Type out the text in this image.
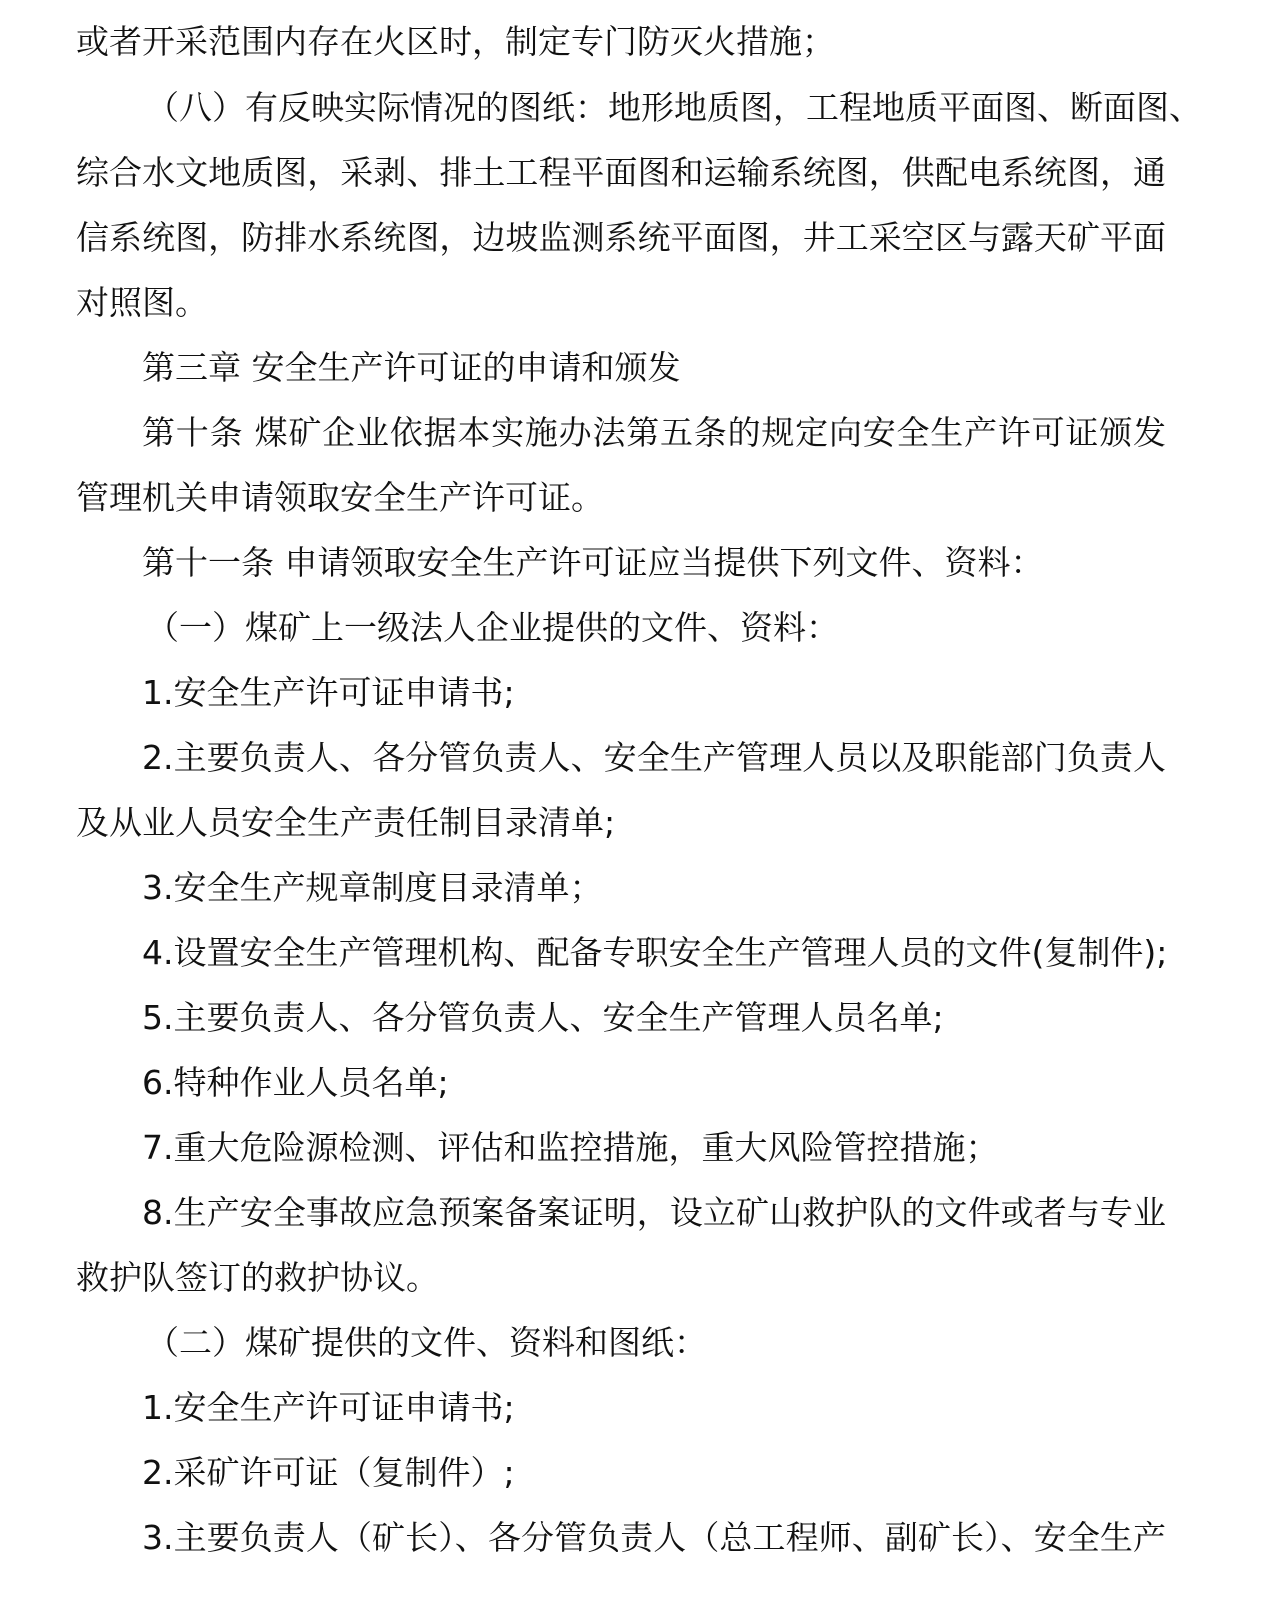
或者开采范围内存在火区时，制定专门防灭火措施；
（八）有反映实际情况的图纸：地形地质图，工程地质平面图、断面图、
综合水文地质图，采剥、排土工程平面图和运输系统图，供配电系统图，通
信系统图，防排水系统图，边坡监测系统平面图，井工采空区与露天矿平面
对照图。
第三章 安全生产许可证的申请和颁发
第十条 煤矿企业依据本实施办法第五条的规定向安全生产许可证颁发
管理机关申请领取安全生产许可证。
第十一条 申请领取安全生产许可证应当提供下列文件、资料：
（一）煤矿上一级法人企业提供的文件、资料：
1.安全生产许可证申请书;
2.主要负责人、各分管负责人、安全生产管理人员以及职能部门负责人
及从业人员安全生产责任制目录清单;
3.安全生产规章制度目录清单；
4.设置安全生产管理机构、配备专职安全生产管理人员的文件(复制件);
5.主要负责人、各分管负责人、安全生产管理人员名单;
6.特种作业人员名单;
7.重大危险源检测、评估和监控措施，重大风险管控措施；
8.生产安全事故应急预案备案证明，设立矿山救护队的文件或者与专业
救护队签订的救护协议。
（二）煤矿提供的文件、资料和图纸：
1.安全生产许可证申请书;
2.采矿许可证（复制件）;
3.主要负责人（矿长）、各分管负责人（总工程师、副矿长）、安全生产
